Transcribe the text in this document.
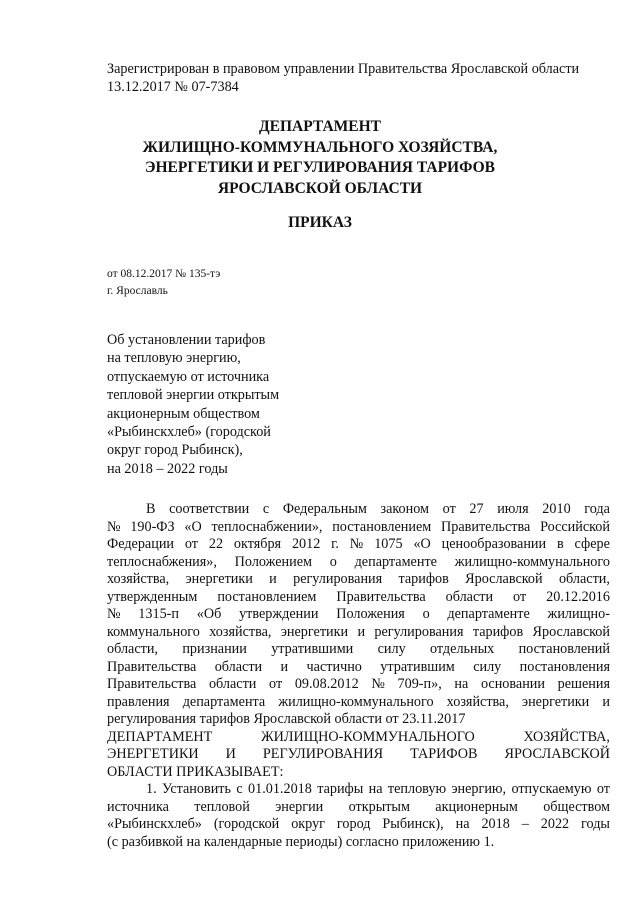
Зарегистрирован в правовом управлении Правительства Ярославской области
13.12.2017 № 07-7384
ДЕПАРТАМЕНТ
ЖИЛИЩНО-КОММУНАЛЬНОГО ХОЗЯЙСТВА,
ЭНЕРГЕТИКИ И РЕГУЛИРОВАНИЯ ТАРИФОВ
ЯРОСЛАВСКОЙ ОБЛАСТИ
ПРИКАЗ
от 08.12.2017 № 135-тэ
г. Ярославль
Об установлении тарифов
на тепловую энергию,
отпускаемую от источника
тепловой энергии открытым
акционерным обществом
«Рыбинскхлеб» (городской
округ город Рыбинск),
на 2018 – 2022 годы
В соответствии с Федеральным законом от 27 июля 2010 года
№ 190-ФЗ «О теплоснабжении», постановлением Правительства Российской
Федерации от 22 октября 2012 г. № 1075 «О ценообразовании в сфере
теплоснабжения», Положением о департаменте жилищно-коммунального
хозяйства, энергетики и регулирования тарифов Ярославской области,
утвержденным постановлением Правительства области от 20.12.2016
№ 1315-п «Об утверждении Положения о департаменте жилищно-
коммунального хозяйства, энергетики и регулирования тарифов Ярославской
области, признании утратившими силу отдельных постановлений
Правительства области и частично утратившим силу постановления
Правительства области от 09.08.2012 № 709-п», на основании решения
правления департамента жилищно-коммунального хозяйства, энергетики и
регулирования тарифов Ярославской области от 23.11.2017
ДЕПАРТАМЕНТ	ЖИЛИЩНО-КОММУНАЛЬНОГО	ХОЗЯЙСТВА,
ЭНЕРГЕТИКИ И РЕГУЛИРОВАНИЯ ТАРИФОВ ЯРОСЛАВСКОЙ
ОБЛАСТИ ПРИКАЗЫВАЕТ:
1. Установить с 01.01.2018 тарифы на тепловую энергию, отпускаемую от
источника тепловой энергии открытым акционерным обществом
«Рыбинскхлеб» (городской округ город Рыбинск), на 2018 – 2022 годы
(с разбивкой на календарные периоды) согласно приложению 1.
